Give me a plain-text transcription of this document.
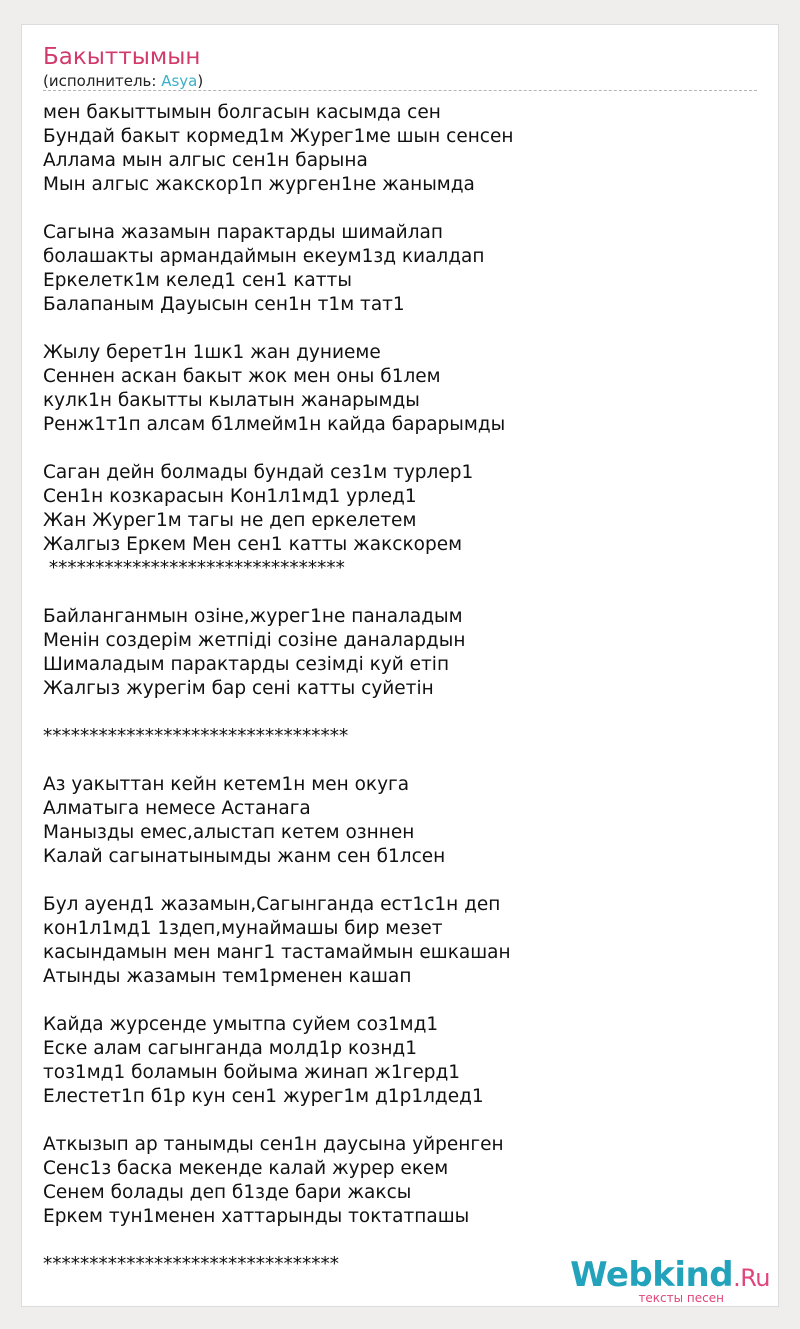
Бакыттымын
(исполнитель: Asya)
мен бакыттымын болгасын касымда сен
Бундай бакыт кормед1м Журег1ме шын сенсен
Аллама мын алгыс сен1н барына
Мын алгыс жакскор1п журген1не жанымда
Сагына жазамын парактарды шимайлап
болашакты армандаймын екеум1зд киалдап
Еркелетк1м келед1 сен1 катты
Балапаным Дауысын сен1н т1м тат1
Жылу берет1н 1шк1 жан дуниеме
Сеннен аскан бакыт жок мен оны б1лем
кулк1н бакытты кылатын жанарымды
Ренж1т1п алсам б1лмейм1н кайда бараpымды
Саган дейн болмады бундай сез1м турлер1
Сен1н козкарасын Кон1л1мд1 урлед1
Жан Журег1м тагы не деп еркелетем
Жалгыз Еркем Мен сен1 катты жакскорем
********************************
Байланганмын озіне,журег1не паналадым
Менін создерім жетпіді созіне даналардын
Шималадым парактарды сезімді куй етіп
Жалгыз журегім бар сені катты суйетін
*********************************
Аз уакыттан кейн кетем1н мен окуга
Алматыга немесе Астанага
Манызды емес,алыстап кетем озннен
Калай сагынатынымды жанм сен б1лсен
Бул ауенд1 жазамын,Сагынганда ест1с1н деп
кон1л1мд1 1здеп,мунаймашы бир мезет
касындамын мен манг1 тастамаймын ешкашан
Атынды жазамын тем1рменен кашап
Кайда журсенде умытпа суйем соз1мд1
Еске алам сагынганда молд1р кознд1
тоз1мд1 боламын бойыма жинап ж1герд1
Елестет1п б1р кун сен1 журег1м д1р1лдед1
Аткызып ар танымды сен1н даусына уйренген
Сенс1з баска мекенде калай журер екем
Сенем болады деп б1зде бари жаксы
Еркем тун1менен хаттарынды токтатпашы
********************************	Webkind.Ru
тексты песен
